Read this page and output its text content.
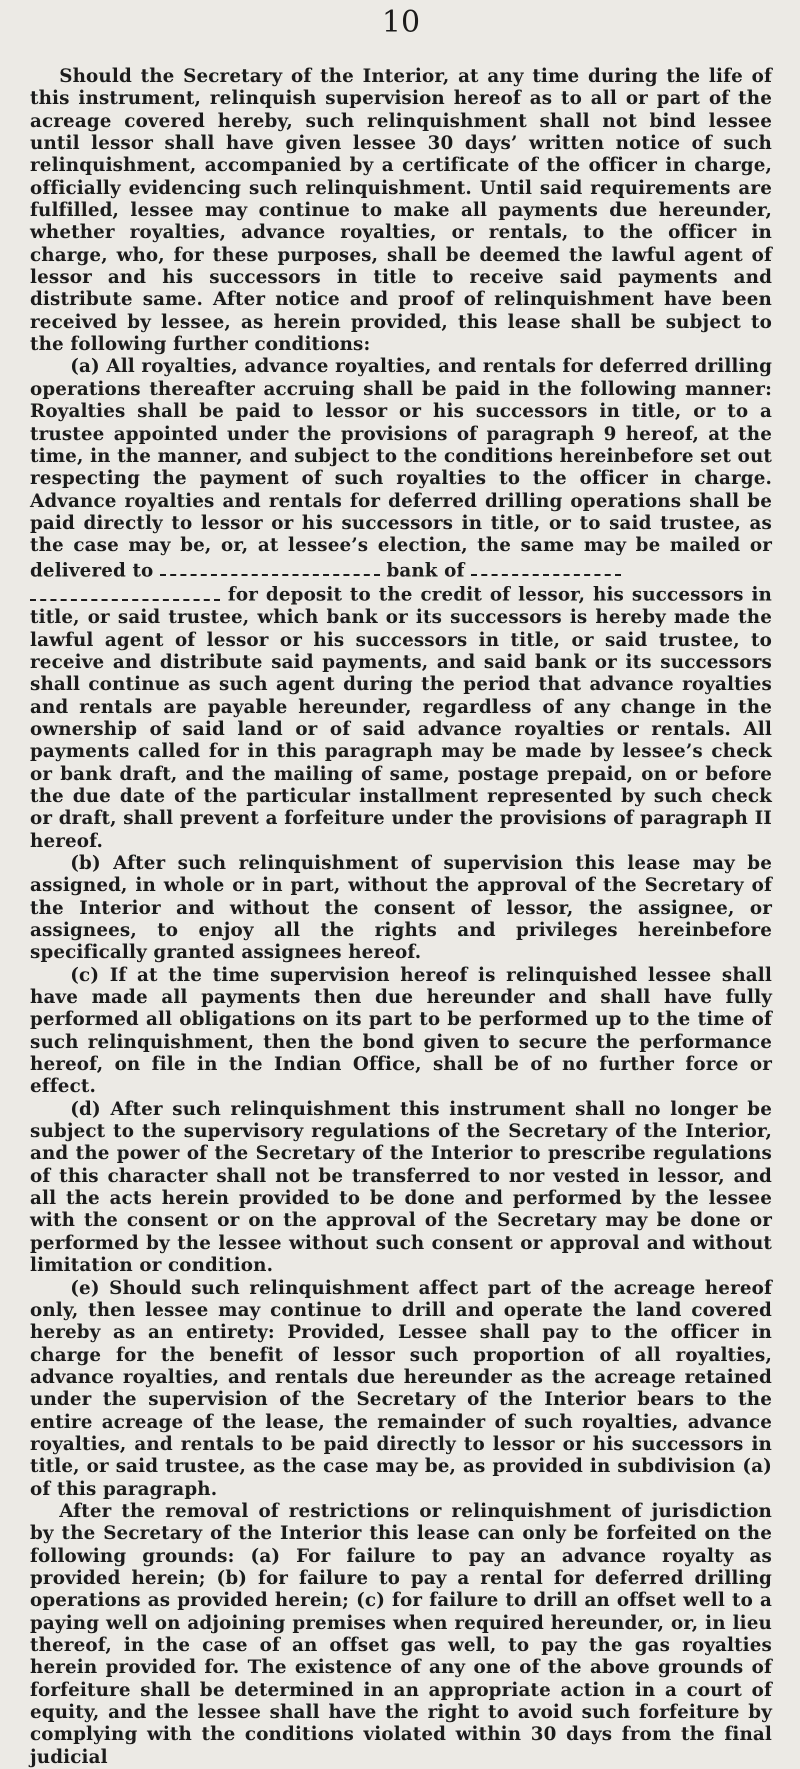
10

Should the Secretary of the Interior, at any time during the life of this instrument, relinquish supervision hereof as to all or part of the acreage covered hereby, such relinquishment shall not bind lessee until lessor shall have given lessee 30 days’ written notice of such relinquishment, accompanied by a certificate of the officer in charge, officially evidencing such relinquishment. Until said requirements are fulfilled, lessee may continue to make all payments due hereunder, whether royalties, advance royalties, or rentals, to the officer in charge, who, for these purposes, shall be deemed the lawful agent of lessor and his successors in title to receive said payments and distribute same. After notice and proof of relinquishment have been received by lessee, as herein provided, this lease shall be subject to the following further conditions:

(a) All royalties, advance royalties, and rentals for deferred drilling operations thereafter accruing shall be paid in the following manner: Royalties shall be paid to lessor or his successors in title, or to a trustee appointed under the provisions of paragraph 9 hereof, at the time, in the manner, and subject to the conditions hereinbefore set out respecting the payment of such royalties to the officer in charge. Advance royalties and rentals for deferred drilling operations shall be paid directly to lessor or his successors in title, or to said trustee, as the case may be, or, at lessee’s election, the same may be mailed or delivered to	bank of
for deposit to the credit of lessor, his successors in title, or said trustee, which bank or its successors is hereby made the lawful agent of lessor or his successors in title, or said trustee, to receive and distribute said payments, and said bank or its successors shall continue as such agent during the period that advance royalties and rentals are payable hereunder, regardless of any change in the ownership of said land or of said advance royalties or rentals. All payments called for in this paragraph may be made by lessee’s check or bank draft, and the mailing of same, postage prepaid, on or before the due date of the particular installment represented by such check or draft, shall prevent a forfeiture under the provisions of paragraph II hereof.

(b) After such relinquishment of supervision this lease may be assigned, in whole or in part, without the approval of the Secretary of the Interior and without the consent of lessor, the assignee, or assignees, to enjoy all the rights and privileges hereinbefore specifically granted assignees hereof.

(c) If at the time supervision hereof is relinquished lessee shall have made all payments then due hereunder and shall have fully performed all obligations on its part to be performed up to the time of such relinquishment, then the bond given to secure the performance hereof, on file in the Indian Office, shall be of no further force or effect.

(d) After such relinquishment this instrument shall no longer be subject to the supervisory regulations of the Secretary of the Interior, and the power of the Secretary of the Interior to prescribe regulations of this character shall not be transferred to nor vested in lessor, and all the acts herein provided to be done and performed by the lessee with the consent or on the approval of the Secretary may be done or performed by the lessee without such consent or approval and without limitation or condition.

(e) Should such relinquishment affect part of the acreage hereof only, then lessee may continue to drill and operate the land covered hereby as an entirety: Provided, Lessee shall pay to the officer in charge for the benefit of lessor such proportion of all royalties, advance royalties, and rentals due hereunder as the acreage retained under the supervision of the Secretary of the Interior bears to the entire acreage of the lease, the remainder of such royalties, advance royalties, and rentals to be paid directly to lessor or his successors in title, or said trustee, as the case may be, as provided in subdivision (a) of this paragraph.

After the removal of restrictions or relinquishment of jurisdiction by the Secretary of the Interior this lease can only be forfeited on the following grounds: (a) For failure to pay an advance royalty as provided herein; (b) for failure to pay a rental for deferred drilling operations as provided herein; (c) for failure to drill an offset well to a paying well on adjoining premises when required hereunder, or, in lieu thereof, in the case of an offset gas well, to pay the gas royalties herein provided for. The existence of any one of the above grounds of forfeiture shall be determined in an appropriate action in a court of equity, and the lessee shall have the right to avoid such forfeiture by complying with the conditions violated within 30 days from the final judicial
